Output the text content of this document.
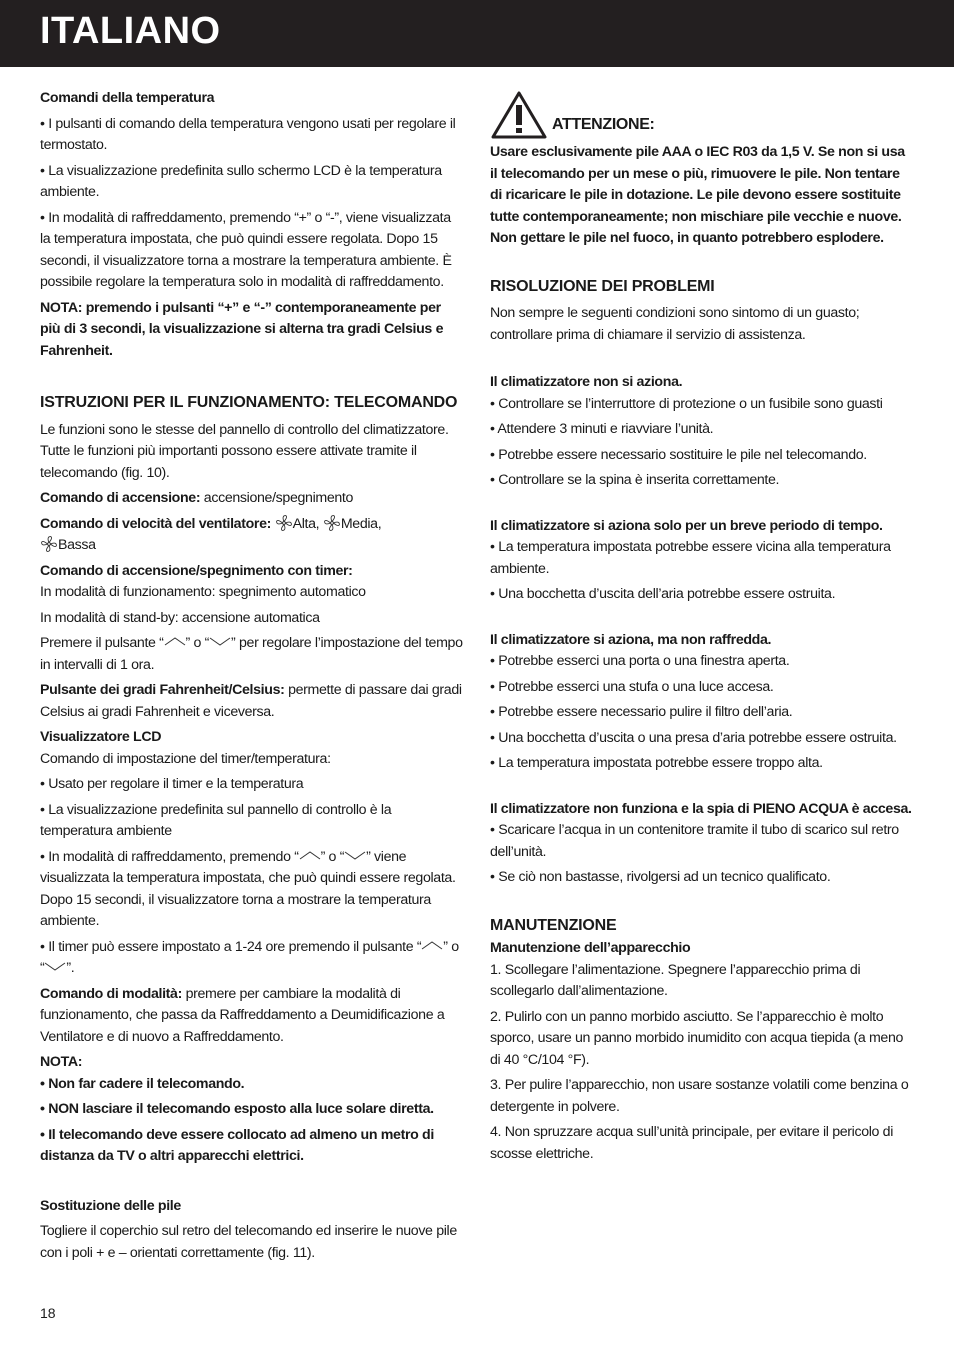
ITALIANO

Comandi della temperatura

• I pulsanti di comando della temperatura vengono usati per regolare il termostato.

• La visualizzazione predefinita sullo schermo LCD è la temperatura ambiente.

• In modalità di raffreddamento, premendo “+” o “-”, viene visualizzata la temperatura impostata, che può quindi essere regolata. Dopo 15 secondi, il visualizzatore torna a mostrare la temperatura ambiente. È possibile regolare la temperatura solo in modalità di raffreddamento.

NOTA: premendo i pulsanti “+” e “-” contemporaneamente per più di 3 secondi, la visualizzazione si alterna tra gradi Celsius e Fahrenheit.

ISTRUZIONI PER IL FUNZIONAMENTO: TELECOMANDO

Le funzioni sono le stesse del pannello di controllo del climatizzatore. Tutte le funzioni più importanti possono essere attivate tramite il telecomando (fig. 10).

Comando di accensione: accensione/spegnimento

Comando di velocità del ventilatore: Alta, Media,
Bassa

Comando di accensione/spegnimento con timer:

In modalità di funzionamento: spegnimento automatico

In modalità di stand-by: accensione automatica

Premere il pulsante “ ” o “ ” per regolare l’impostazione del tempo in intervalli di 1 ora.

Pulsante dei gradi Fahrenheit/Celsius: permette di passare dai gradi Celsius ai gradi Fahrenheit e viceversa.

Visualizzatore LCD

Comando di impostazione del timer/temperatura:

• Usato per regolare il timer e la temperatura

• La visualizzazione predefinita sul pannello di controllo è la temperatura ambiente

• In modalità di raffreddamento, premendo “ ” o “ ” viene visualizzata la temperatura impostata, che può quindi essere regolata. Dopo 15 secondi, il visualizzatore torna a mostrare la temperatura ambiente.

• Il timer può essere impostato a 1-24 ore premendo il pulsante “ ” o “ ”.

Comando di modalità: premere per cambiare la modalità di funzionamento, che passa da Raffreddamento a Deumidificazione a Ventilatore e di nuovo a Raffreddamento.

NOTA:

• Non far cadere il telecomando.

• NON lasciare il telecomando esposto alla luce solare diretta.

• Il telecomando deve essere collocato ad almeno un metro di distanza da TV o altri apparecchi elettrici.

Sostituzione delle pile

Togliere il coperchio sul retro del telecomando ed inserire le nuove pile con i poli + e – orientati correttamente (fig. 11).

ATTENZIONE:

Usare esclusivamente pile AAA o IEC R03 da 1,5 V. Se non si usa il telecomando per un mese o più, rimuovere le pile. Non tentare di ricaricare le pile in dotazione. Le pile devono essere sostituite tutte contemporaneamente; non mischiare pile vecchie e nuove. Non gettare le pile nel fuoco, in quanto potrebbero esplodere.

RISOLUZIONE DEI PROBLEMI

Non sempre le seguenti condizioni sono sintomo di un guasto; controllare prima di chiamare il servizio di assistenza.

Il climatizzatore non si aziona.

• Controllare se l’interruttore di protezione o un fusibile sono guasti

• Attendere 3 minuti e riavviare l’unità.

• Potrebbe essere necessario sostituire le pile nel telecomando.

• Controllare se la spina è inserita correttamente.

Il climatizzatore si aziona solo per un breve periodo di tempo.

• La temperatura impostata potrebbe essere vicina alla temperatura ambiente.

• Una bocchetta d’uscita dell’aria potrebbe essere ostruita.

Il climatizzatore si aziona, ma non raffredda.

• Potrebbe esserci una porta o una finestra aperta.

• Potrebbe esserci una stufa o una luce accesa.

• Potrebbe essere necessario pulire il filtro dell’aria.

• Una bocchetta d’uscita o una presa d’aria potrebbe essere ostruita.

• La temperatura impostata potrebbe essere troppo alta.

Il climatizzatore non funziona e la spia di PIENO ACQUA è accesa.

• Scaricare l’acqua in un contenitore tramite il tubo di scarico sul retro dell’unità.

• Se ciò non bastasse, rivolgersi ad un tecnico qualificato.

MANUTENZIONE

Manutenzione dell’apparecchio

1. Scollegare l’alimentazione. Spegnere l’apparecchio prima di scollegarlo dall’alimentazione.

2. Pulirlo con un panno morbido asciutto. Se l’apparecchio è molto sporco, usare un panno morbido inumidito con acqua tiepida (a meno di 40 °C/104 °F).

3. Per pulire l’apparecchio, non usare sostanze volatili come benzina o detergente in polvere.

4. Non spruzzare acqua sull’unità principale, per evitare il pericolo di scosse elettriche.

18
